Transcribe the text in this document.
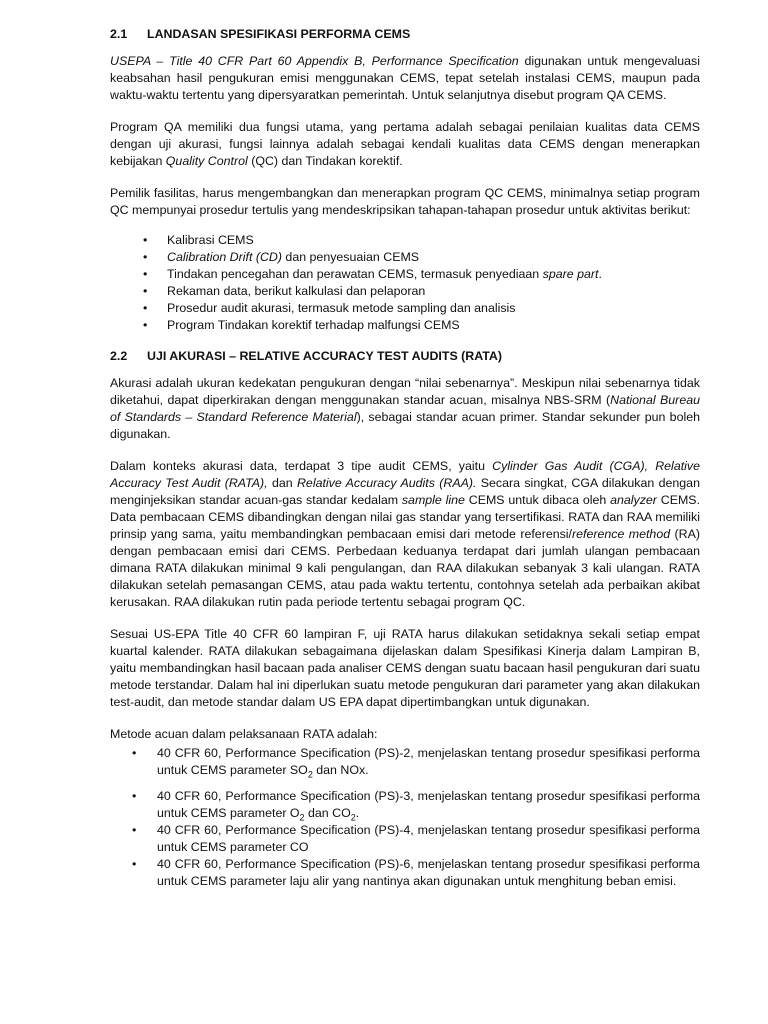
2.1	LANDASAN SPESIFIKASI PERFORMA CEMS

USEPA – Title 40 CFR Part 60 Appendix B, Performance Specification digunakan untuk mengevaluasi keabsahan hasil pengukuran emisi menggunakan CEMS, tepat setelah instalasi CEMS, maupun pada waktu-waktu tertentu yang dipersyaratkan pemerintah. Untuk selanjutnya disebut program QA CEMS.

Program QA memiliki dua fungsi utama, yang pertama adalah sebagai penilaian kualitas data CEMS dengan uji akurasi, fungsi lainnya adalah sebagai kendali kualitas data CEMS dengan menerapkan kebijakan Quality Control (QC) dan Tindakan korektif.

Pemilik fasilitas, harus mengembangkan dan menerapkan program QC CEMS, minimalnya setiap program QC mempunyai prosedur tertulis yang mendeskripsikan tahapan-tahapan prosedur untuk aktivitas berikut:

• Kalibrasi CEMS
• Calibration Drift (CD) dan penyesuaian CEMS
• Tindakan pencegahan dan perawatan CEMS, termasuk penyediaan spare part.
• Rekaman data, berikut kalkulasi dan pelaporan
• Prosedur audit akurasi, termasuk metode sampling dan analisis
• Program Tindakan korektif terhadap malfungsi CEMS
2.2	UJI AKURASI – RELATIVE ACCURACY TEST AUDITS (RATA)

Akurasi adalah ukuran kedekatan pengukuran dengan “nilai sebenarnya”. Meskipun nilai sebenarnya tidak diketahui, dapat diperkirakan dengan menggunakan standar acuan, misalnya NBS-SRM (National Bureau of Standards – Standard Reference Material), sebagai standar acuan primer. Standar sekunder pun boleh digunakan.

Dalam konteks akurasi data, terdapat 3 tipe audit CEMS, yaitu Cylinder Gas Audit (CGA), Relative Accuracy Test Audit (RATA), dan Relative Accuracy Audits (RAA). Secara singkat, CGA dilakukan dengan menginjeksikan standar acuan-gas standar kedalam sample line CEMS untuk dibaca oleh analyzer CEMS. Data pembacaan CEMS dibandingkan dengan nilai gas standar yang tersertifikasi. RATA dan RAA memiliki prinsip yang sama, yaitu membandingkan pembacaan emisi dari metode referensi/reference method (RA) dengan pembacaan emisi dari CEMS. Perbedaan keduanya terdapat dari jumlah ulangan pembacaan dimana RATA dilakukan minimal 9 kali pengulangan, dan RAA dilakukan sebanyak 3 kali ulangan. RATA dilakukan setelah pemasangan CEMS, atau pada waktu tertentu, contohnya setelah ada perbaikan akibat kerusakan. RAA dilakukan rutin pada periode tertentu sebagai program QC.

Sesuai US-EPA Title 40 CFR 60 lampiran F, uji RATA harus dilakukan setidaknya sekali setiap empat kuartal kalender. RATA dilakukan sebagaimana dijelaskan dalam Spesifikasi Kinerja dalam Lampiran B, yaitu membandingkan hasil bacaan pada analiser CEMS dengan suatu bacaan hasil pengukuran dari suatu metode terstandar. Dalam hal ini diperlukan suatu metode pengukuran dari parameter yang akan dilakukan test-audit, dan metode standar dalam US EPA dapat dipertimbangkan untuk digunakan.

Metode acuan dalam pelaksanaan RATA adalah:

• 40 CFR 60, Performance Specification (PS)-2, menjelaskan tentang prosedur spesifikasi performa untuk CEMS parameter $SO_2$ dan NOx.
• 40 CFR 60, Performance Specification (PS)-3, menjelaskan tentang prosedur spesifikasi performa untuk CEMS parameter $O_2$ dan $CO_2$.
• 40 CFR 60, Performance Specification (PS)-4, menjelaskan tentang prosedur spesifikasi performa untuk CEMS parameter CO
• 40 CFR 60, Performance Specification (PS)-6, menjelaskan tentang prosedur spesifikasi performa untuk CEMS parameter laju alir yang nantinya akan digunakan untuk menghitung beban emisi.
